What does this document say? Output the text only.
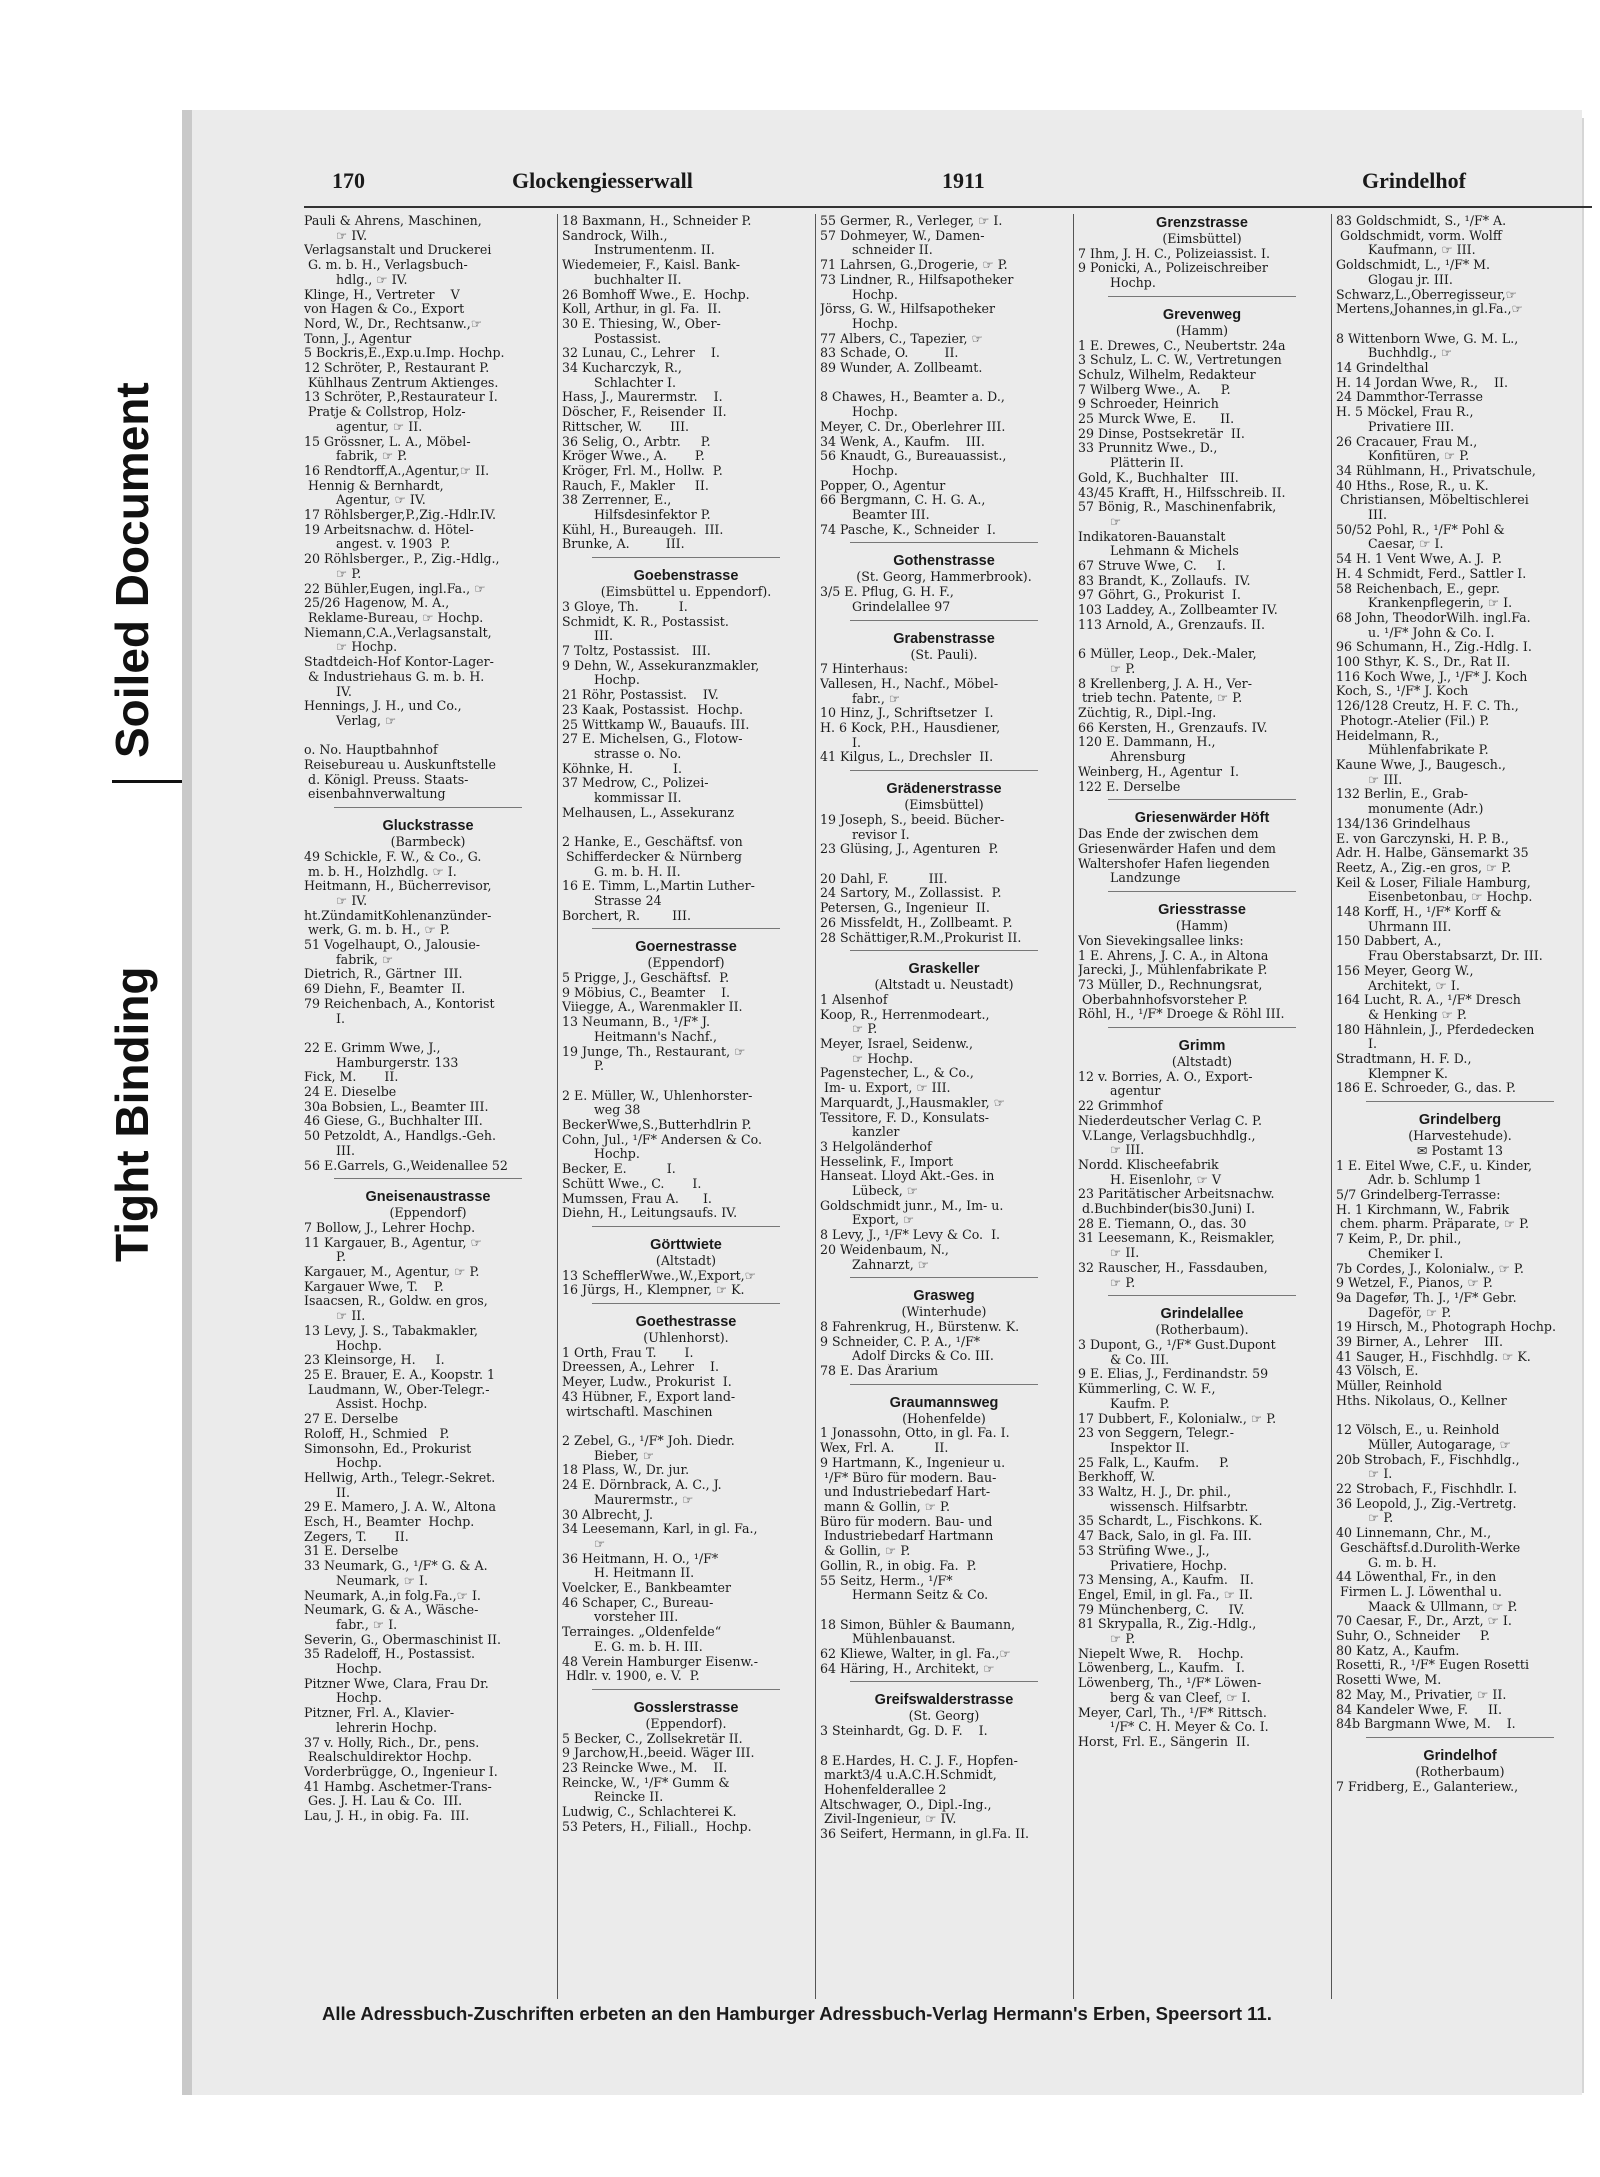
Soiled Document
Tight Binding
170	Glockengiesserwall	1911	Grindelhof
Pauli & Ahrens, Maschinen,
☞ IV.
Verlagsanstalt und Druckerei
G. m. b. H., Verlagsbuch-
hdlg., ☞ IV.
Klinge, H., Vertreter    V
von Hagen & Co., Export
Nord, W., Dr., Rechtsanw.,☞
Tonn, J., Agentur
5 Bockris,E.,Exp.u.Imp. Hochp.
12 Schröter, P., Restaurant P.
Kühlhaus Zentrum Aktienges.
13 Schröter, P.,Restaurateur I.
Pratje & Collstrop, Holz-
agentur, ☞ II.
15 Grössner, L. A., Möbel-
fabrik, ☞ P.
16 Rendtorff,A.,Agentur,☞ II.
Hennig & Bernhardt,
Agentur, ☞ IV.
17 Röhlsberger,P.,Zig.-Hdlr.IV.
19 Arbeitsnachw. d. Hötel-
angest. v. 1903  P.
20 Röhlsberger., P., Zig.-Hdlg.,
☞ P.
22 Bühler,Eugen, ingl.Fa., ☞
25/26 Hagenow, M. A.,
Reklame-Bureau, ☞ Hochp.
Niemann,C.A.,Verlagsanstalt,
☞ Hochp.
Stadtdeich-Hof Kontor-Lager-
& Industriehaus G. m. b. H.
IV.
Hennings, J. H., und Co.,
Verlag, ☞
o. No. Hauptbahnhof
Reisebureau u. Auskunftstelle
d. Königl. Preuss. Staats-
eisenbahnverwaltung
Gluckstrasse
(Barmbeck)
49 Schickle, F. W., & Co., G.
m. b. H., Holzhdlg. ☞ I.
Heitmann, H., Bücherrevisor,
☞ IV.
ht.ZündamitKohlenanzünder-
werk, G. m. b. H., ☞ P.
51 Vogelhaupt, O., Jalousie-
fabrik, ☞
Dietrich, R., Gärtner  III.
69 Diehn, F., Beamter  II.
79 Reichenbach, A., Kontorist
I.
22 E. Grimm Wwe, J.,
Hamburgerstr. 133
Fick, M.       II.
24 E. Dieselbe
30a Bobsien, L., Beamter III.
46 Giese, G., Buchhalter III.
50 Petzoldt, A., Handlgs.-Geh.
III.
56 E.Garrels, G.,Weidenallee 52
Gneisenaustrasse
(Eppendorf)
7 Bollow, J., Lehrer Hochp.
11 Kargauer, B., Agentur, ☞
P.
Kargauer, M., Agentur, ☞ P.
Kargauer Wwe, T.    P.
Isaacsen, R., Goldw. en gros,
☞ II.
13 Levy, J. S., Tabakmakler,
Hochp.
23 Kleinsorge, H.     I.
25 E. Brauer, E. A., Koopstr. 1
Laudmann, W., Ober-Telegr.-
Assist. Hochp.
27 E. Derselbe
Roloff, H., Schmied   P.
Simonsohn, Ed., Prokurist
Hochp.
Hellwig, Arth., Telegr.-Sekret.
II.
29 E. Mamero, J. A. W., Altona
Esch, H., Beamter  Hochp.
Zegers, T.       II.
31 E. Derselbe
33 Neumark, G., ¹/F* G. & A.
Neumark, ☞ I.
Neumark, A.,in folg.Fa.,☞ I.
Neumark, G. & A., Wäsche-
fabr., ☞ I.
Severin, G., Obermaschinist II.
35 Radeloff, H., Postassist.
Hochp.
Pitzner Wwe, Clara, Frau Dr.
Hochp.
Pitzner, Frl. A., Klavier-
lehrerin Hochp.
37 v. Holly, Rich., Dr., pens.
Realschuldirektor Hochp.
Vorderbrügge, O., Ingenieur I.
41 Hambg. Aschetmer-Trans-
Ges. J. H. Lau & Co.  III.
Lau, J. H., in obig. Fa.  III.
18 Baxmann, H., Schneider P.
Sandrock, Wilh.,
Instrumentenm. II.
Wiedemeier, F., Kaisl. Bank-
buchhalter II.
26 Bomhoff Wwe., E.  Hochp.
Koll, Arthur, in gl. Fa.  II.
30 E. Thiesing, W., Ober-
Postassist.
32 Lunau, C., Lehrer    I.
34 Kucharczyk, R.,
Schlachter I.
Hass, J., Maurermstr.    I.
Döscher, F., Reisender  II.
Rittscher, W.       III.
36 Selig, O., Arbtr.     P.
Kröger Wwe., A.       P.
Kröger, Frl. M., Hollw.  P.
Rauch, F., Makler     II.
38 Zerrenner, E.,
Hilfsdesinfektor P.
Kühl, H., Bureaugeh.  III.
Brunke, A.         III.
Goebenstrasse
(Eimsbüttel u. Eppendorf).
3 Gloye, Th.          I.
Schmidt, K. R., Postassist.
III.
7 Toltz, Postassist.   III.
9 Dehn, W., Assekuranzmakler,
Hochp.
21 Röhr, Postassist.    IV.
23 Kaak, Postassist.  Hochp.
25 Wittkamp W., Bauaufs. III.
27 E. Michelsen, G., Flotow-
strasse o. No.
Köhnke, H.          I.
37 Medrow, C., Polizei-
kommissar II.
Melhausen, L., Assekuranz
2 Hanke, E., Geschäftsf. von
Schifferdecker & Nürnberg
G. m. b. H. II.
16 E. Timm, L.,Martin Luther-
Strasse 24
Borchert, R.        III.
Goernestrasse
(Eppendorf)
5 Prigge, J., Geschäftsf.  P.
9 Möbius, C., Beamter    I.
Viiegge, A., Warenmakler II.
13 Neumann, B., ¹/F* J.
Heitmann's Nachf.,
19 Junge, Th., Restaurant, ☞
P.
2 E. Müller, W., Uhlenhorster-
weg 38
BeckerWwe,S.,Butterhdlrin P.
Cohn, Jul., ¹/F* Andersen & Co.
Hochp.
Becker, E.          I.
Schütt Wwe., C.       I.
Mumssen, Frau A.      I.
Diehn, H., Leitungsaufs. IV.
Görttwiete
(Altstadt)
13 SchefflerWwe.,W.,Export,☞
16 Jürgs, H., Klempner, ☞ K.
Goethestrasse
(Uhlenhorst).
1 Orth, Frau T.       I.
Dreessen, A., Lehrer    I.
Meyer, Ludw., Prokurist  I.
43 Hübner, F., Export land-
wirtschaftl. Maschinen
2 Zebel, G., ¹/F* Joh. Diedr.
Bieber, ☞
18 Plass, W., Dr. jur.
24 E. Dörnbrack, A. C., J.
Maurermstr., ☞
30 Albrecht, J.
34 Leesemann, Karl, in gl. Fa.,
☞
36 Heitmann, H. O., ¹/F*
H. Heitmann II.
Voelcker, E., Bankbeamter
46 Schaper, C., Bureau-
vorsteher III.
Terrainges. „Oldenfelde“
E. G. m. b. H. III.
48 Verein Hamburger Eisenw.-
Hdlr. v. 1900, e. V.  P.
Gosslerstrasse
(Eppendorf).
5 Becker, C., Zollsekretär II.
9 Jarchow,H.,beeid. Wäger III.
23 Reincke Wwe., M.    II.
Reincke, W., ¹/F* Gumm &
Reincke II.
Ludwig, C., Schlachterei K.
53 Peters, H., Filiall.,  Hochp.
55 Germer, R., Verleger, ☞ I.
57 Dohmeyer, W., Damen-
schneider II.
71 Lahrsen, G.,Drogerie, ☞ P.
73 Lindner, R., Hilfsapotheker
Hochp.
Jörss, G. W., Hilfsapotheker
Hochp.
77 Albers, C., Tapezier, ☞
83 Schade, O.         II.
89 Wunder, A. Zollbeamt.
8 Chawes, H., Beamter a. D.,
Hochp.
Meyer, C. Dr., Oberlehrer III.
34 Wenk, A., Kaufm.    III.
56 Knaudt, G., Bureauassist.,
Hochp.
Popper, O., Agentur
66 Bergmann, C. H. G. A.,
Beamter III.
74 Pasche, K., Schneider  I.
Gothenstrasse
(St. Georg, Hammerbrook).
3/5 E. Pflug, G. H. F.,
Grindelallee 97
Grabenstrasse
(St. Pauli).
7 Hinterhaus:
Vallesen, H., Nachf., Möbel-
fabr., ☞
10 Hinz, J., Schriftsetzer  I.
H. 6 Kock, P.H., Hausdiener,
I.
41 Kilgus, L., Drechsler  II.
Grädenerstrasse
(Eimsbüttel)
19 Joseph, S., beeid. Bücher-
revisor I.
23 Glüsing, J., Agenturen  P.
20 Dahl, F.          III.
24 Sartory, M., Zollassist.  P.
Petersen, G., Ingenieur  II.
26 Missfeldt, H., Zollbeamt. P.
28 Schättiger,R.M.,Prokurist II.
Graskeller
(Altstadt u. Neustadt)
1 Alsenhof
Koop, R., Herrenmodeart.,
☞ P.
Meyer, Israel, Seidenw.,
☞ Hochp.
Pagenstecher, L., & Co.,
Im- u. Export, ☞ III.
Marquardt, J.,Hausmakler, ☞
Tessitore, F. D., Konsulats-
kanzler
3 Helgoländerhof
Hesselink, F., Import
Hanseat. Lloyd Akt.-Ges. in
Lübeck, ☞
Goldschmidt junr., M., Im- u.
Export, ☞
8 Levy, J., ¹/F* Levy & Co.  I.
20 Weidenbaum, N.,
Zahnarzt, ☞
Grasweg
(Winterhude)
8 Fahrenkrug, H., Bürstenw. K.
9 Schneider, C. P. A., ¹/F*
Adolf Dircks & Co. III.
78 E. Das Ärarium
Graumannsweg
(Hohenfelde)
1 Jonassohn, Otto, in gl. Fa. I.
Wex, Frl. A.          II.
9 Hartmann, K., Ingenieur u.
¹/F* Büro für modern. Bau-
und Industriebedarf Hart-
mann & Gollin, ☞ P.
Büro für modern. Bau- und
Industriebedarf Hartmann
& Gollin, ☞ P.
Gollin, R., in obig. Fa.  P.
55 Seitz, Herm., ¹/F*
Hermann Seitz & Co.
18 Simon, Bühler & Baumann,
Mühlenbauanst.
62 Kliewe, Walter, in gl. Fa.,☞
64 Häring, H., Architekt, ☞
Greifswalderstrasse
(St. Georg)
3 Steinhardt, Gg. D. F.    I.
8 E.Hardes, H. C. J. F., Hopfen-
markt3/4 u.A.C.H.Schmidt,
Hohenfelderallee 2
Altschwager, O., Dipl.-Ing.,
Zivil-Ingenieur, ☞ IV.
36 Seifert, Hermann, in gl.Fa. II.
Grenzstrasse
(Eimsbüttel)
7 Ihm, J. H. C., Polizeiassist. I.
9 Ponicki, A., Polizeischreiber
Hochp.
Grevenweg
(Hamm)
1 E. Drewes, C., Neubertstr. 24a
3 Schulz, L. C. W., Vertretungen
Schulz, Wilhelm, Redakteur
7 Wilberg Wwe., A.     P.
9 Schroeder, Heinrich
25 Murck Wwe, E.      II.
29 Dinse, Postsekretär  II.
33 Prunnitz Wwe., D.,
Plätterin II.
Gold, K., Buchhalter   III.
43/45 Krafft, H., Hilfsschreib. II.
57 Bönig, R., Maschinenfabrik,
☞
Indikatoren-Bauanstalt
Lehmann & Michels
67 Struve Wwe, C.     I.
83 Brandt, K., Zollaufs.  IV.
97 Göhrt, G., Prokurist  I.
103 Laddey, A., Zollbeamter IV.
113 Arnold, A., Grenzaufs. II.
6 Müller, Leop., Dek.-Maler,
☞ P.
8 Krellenberg, J. A. H., Ver-
trieb techn. Patente, ☞ P.
Züchtig, R., Dipl.-Ing.
66 Kersten, H., Grenzaufs. IV.
120 E. Dammann, H.,
Ahrensburg
Weinberg, H., Agentur  I.
122 E. Derselbe
Griesenwärder Höft
Das Ende der zwischen dem
Griesenwärder Hafen und dem
Waltershofer Hafen liegenden
Landzunge
Griesstrasse
(Hamm)
Von Sievekingsallee links:
1 E. Ahrens, J. C. A., in Altona
Jarecki, J., Mühlenfabrikate P.
73 Müller, D., Rechnungsrat,
Oberbahnhofsvorsteher P.
Röhl, H., ¹/F* Droege & Röhl III.
Grimm
(Altstadt)
12 v. Borries, A. O., Export-
agentur
22 Grimmhof
Niederdeutscher Verlag C. P.
V.Lange, Verlagsbuchhdlg.,
☞ III.
Nordd. Klischeefabrik
H. Eisenlohr, ☞ V
23 Paritätischer Arbeitsnachw.
d.Buchbinder(bis30.Juni) I.
28 E. Tiemann, O., das. 30
31 Leesemann, K., Reismakler,
☞ II.
32 Rauscher, H., Fassdauben,
☞ P.
Grindelallee
(Rotherbaum).
3 Dupont, G., ¹/F* Gust.Dupont
& Co. III.
9 E. Elias, J., Ferdinandstr. 59
Kümmerling, C. W. F.,
Kaufm. P.
17 Dubbert, F., Kolonialw., ☞ P.
23 von Seggern, Telegr.-
Inspektor II.
25 Falk, L., Kaufm.     P.
Berkhoff, W.
33 Waltz, H. J., Dr. phil.,
wissensch. Hilfsarbtr.
35 Schardt, L., Fischkons. K.
47 Back, Salo, in gl. Fa. III.
53 Strüfing Wwe., J.,
Privatiere, Hochp.
73 Mensing, A., Kaufm.   II.
Engel, Emil, in gl. Fa., ☞ II.
79 Münchenberg, C.     IV.
81 Skrypalla, R., Zig.-Hdlg.,
☞ P.
Niepelt Wwe, R.    Hochp.
Löwenberg, L., Kaufm.   I.
Löwenberg, Th., ¹/F* Löwen-
berg & van Cleef, ☞ I.
Meyer, Carl, Th., ¹/F* Rittsch.
¹/F* C. H. Meyer & Co. I.
Horst, Frl. E., Sängerin  II.
83 Goldschmidt, S., ¹/F* A.
Goldschmidt, vorm. Wolff
Kaufmann, ☞ III.
Goldschmidt, L., ¹/F* M.
Glogau jr. III.
Schwarz,L.,Oberregisseur,☞
Mertens,Johannes,in gl.Fa.,☞
8 Wittenborn Wwe, G. M. L.,
Buchhdlg., ☞
14 Grindelthal
H. 14 Jordan Wwe, R.,    II.
24 Dammthor-Terrasse
H. 5 Möckel, Frau R.,
Privatiere III.
26 Cracauer, Frau M.,
Konfitüren, ☞ P.
34 Rühlmann, H., Privatschule,
40 Hths., Rose, R., u. K.
Christiansen, Möbeltischlerei
III.
50/52 Pohl, R., ¹/F* Pohl &
Caesar, ☞ I.
54 H. 1 Vent Wwe, A. J.  P.
H. 4 Schmidt, Ferd., Sattler I.
58 Reichenbach, E., gepr.
Krankenpflegerin, ☞ I.
68 John, TheodorWilh. ingl.Fa.
u. ¹/F* John & Co. I.
96 Schumann, H., Zig.-Hdlg. I.
100 Sthyr, K. S., Dr., Rat II.
116 Koch Wwe, J., ¹/F* J. Koch
Koch, S., ¹/F* J. Koch
126/128 Creutz, H. F. C. Th.,
Photogr.-Atelier (Fil.) P.
Heidelmann, R.,
Mühlenfabrikate P.
Kaune Wwe, J., Baugesch.,
☞ III.
132 Berlin, E., Grab-
monumente (Adr.)
134/136 Grindelhaus
E. von Garczynski, H. P. B.,
Adr. H. Halbe, Gänsemarkt 35
Reetz, A., Zig.-en gros, ☞ P.
Keil & Loser, Filiale Hamburg,
Eisenbetonbau, ☞ Hochp.
148 Korff, H., ¹/F* Korff &
Uhrmann III.
150 Dabbert, A.,
Frau Oberstabsarzt, Dr. III.
156 Meyer, Georg W.,
Architekt, ☞ I.
164 Lucht, R. A., ¹/F* Dresch
& Henking ☞ P.
180 Hähnlein, J., Pferdedecken
I.
Stradtmann, H. F. D.,
Klempner K.
186 E. Schroeder, G., das. P.
Grindelberg
(Harvestehude).
✉ Postamt 13
1 E. Eitel Wwe, C.F., u. Kinder,
Adr. b. Schlump 1
5/7 Grindelberg-Terrasse:
H. 1 Kirchmann, W., Fabrik
chem. pharm. Präparate, ☞ P.
7 Keim, P., Dr. phil.,
Chemiker I.
7b Cordes, J., Kolonialw., ☞ P.
9 Wetzel, F., Pianos, ☞ P.
9a Dagefør, Th. J., ¹/F* Gebr.
Dageför, ☞ P.
19 Hirsch, M., Photograph Hochp.
39 Birner, A., Lehrer    III.
41 Sauger, H., Fischhdlg. ☞ K.
43 Völsch, E.
Müller, Reinhold
Hths. Nikolaus, O., Kellner
12 Völsch, E., u. Reinhold
Müller, Autogarage, ☞
20b Strobach, F., Fischhdlg.,
☞ I.
22 Strobach, F., Fischhdlr. I.
36 Leopold, J., Zig.-Vertretg.
☞ P.
40 Linnemann, Chr., M.,
Geschäftsf.d.Durolith-Werke
G. m. b. H.
44 Löwenthal, Fr., in den
Firmen L. J. Löwenthal u.
Maack & Ullmann, ☞ P.
70 Caesar, F., Dr., Arzt, ☞ I.
Suhr, O., Schneider     P.
80 Katz, A., Kaufm.
Rosetti, R., ¹/F* Eugen Rosetti
Rosetti Wwe, M.
82 May, M., Privatier, ☞ II.
84 Kandeler Wwe, F.     II.
84b Bargmann Wwe, M.    I.
Grindelhof
(Rotherbaum)
7 Fridberg, E., Galanteriew.,
Alle Adressbuch-Zuschriften erbeten an den Hamburger Adressbuch-Verlag Hermann's Erben, Speersort 11.
